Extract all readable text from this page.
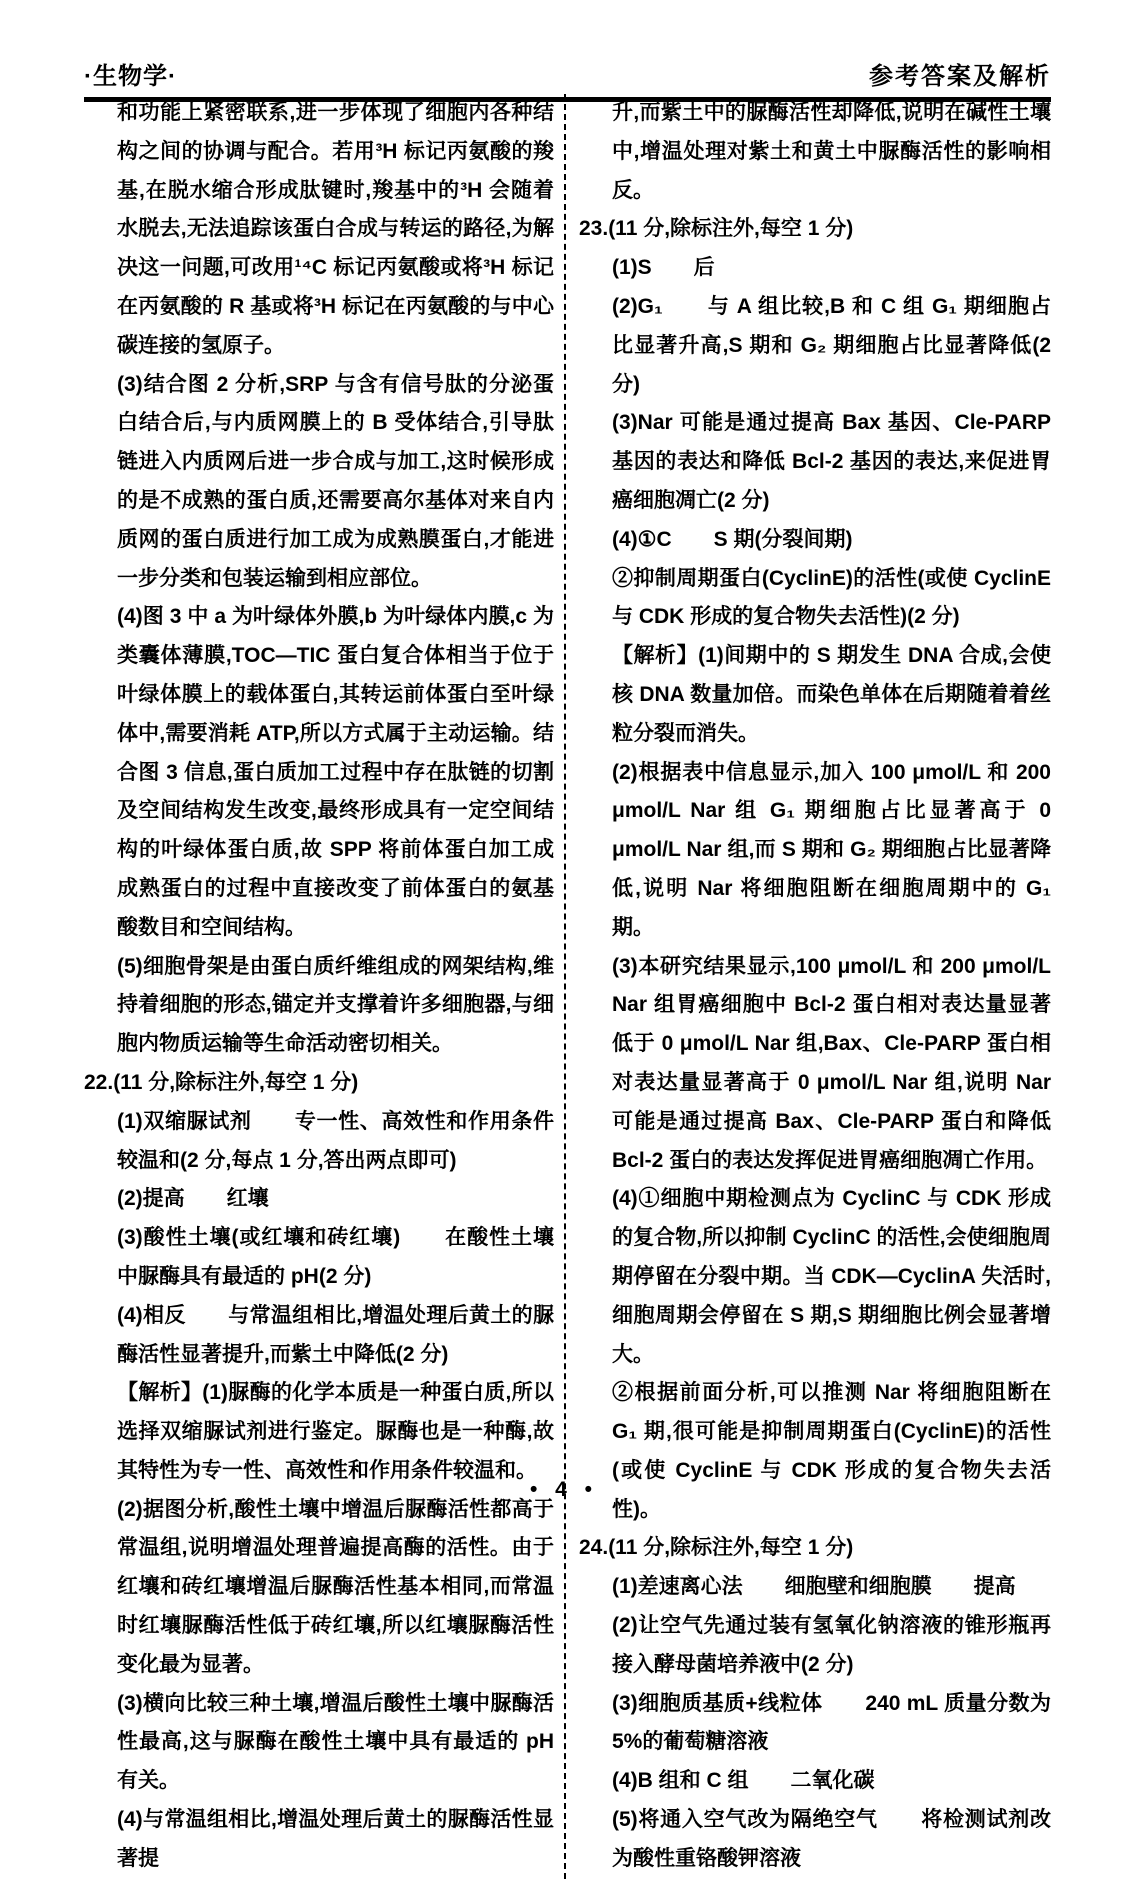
·生物学·	参考答案及解析
和功能上紧密联系,进一步体现了细胞内各种结构之间的协调与配合。若用³H 标记丙氨酸的羧基,在脱水缩合形成肽键时,羧基中的³H 会随着水脱去,无法追踪该蛋白合成与转运的路径,为解决这一问题,可改用¹⁴C 标记丙氨酸或将³H 标记在丙氨酸的 R 基或将³H 标记在丙氨酸的与中心碳连接的氢原子。
(3)结合图 2 分析,SRP 与含有信号肽的分泌蛋白结合后,与内质网膜上的 B 受体结合,引导肽链进入内质网后进一步合成与加工,这时候形成的是不成熟的蛋白质,还需要高尔基体对来自内质网的蛋白质进行加工成为成熟膜蛋白,才能进一步分类和包装运输到相应部位。
(4)图 3 中 a 为叶绿体外膜,b 为叶绿体内膜,c 为类囊体薄膜,TOC—TIC 蛋白复合体相当于位于叶绿体膜上的载体蛋白,其转运前体蛋白至叶绿体中,需要消耗 ATP,所以方式属于主动运输。结合图 3 信息,蛋白质加工过程中存在肽链的切割及空间结构发生改变,最终形成具有一定空间结构的叶绿体蛋白质,故 SPP 将前体蛋白加工成成熟蛋白的过程中直接改变了前体蛋白的氨基酸数目和空间结构。
(5)细胞骨架是由蛋白质纤维组成的网架结构,维持着细胞的形态,锚定并支撑着许多细胞器,与细胞内物质运输等生命活动密切相关。
22.(11 分,除标注外,每空 1 分)
(1)双缩脲试剂　　专一性、高效性和作用条件较温和(2 分,每点 1 分,答出两点即可)
(2)提高　　红壤
(3)酸性土壤(或红壤和砖红壤)　　在酸性土壤中脲酶具有最适的 pH(2 分)
(4)相反　　与常温组相比,增温处理后黄土的脲酶活性显著提升,而紫土中降低(2 分)
【解析】(1)脲酶的化学本质是一种蛋白质,所以选择双缩脲试剂进行鉴定。脲酶也是一种酶,故其特性为专一性、高效性和作用条件较温和。
(2)据图分析,酸性土壤中增温后脲酶活性都高于常温组,说明增温处理普遍提高酶的活性。由于红壤和砖红壤增温后脲酶活性基本相同,而常温时红壤脲酶活性低于砖红壤,所以红壤脲酶活性变化最为显著。
(3)横向比较三种土壤,增温后酸性土壤中脲酶活性最高,这与脲酶在酸性土壤中具有最适的 pH 有关。
(4)与常温组相比,增温处理后黄土的脲酶活性显著提
升,而紫土中的脲酶活性却降低,说明在碱性土壤中,增温处理对紫土和黄土中脲酶活性的影响相反。
23.(11 分,除标注外,每空 1 分)
(1)S　　后
(2)G₁　　与 A 组比较,B 和 C 组 G₁ 期细胞占比显著升高,S 期和 G₂ 期细胞占比显著降低(2 分)
(3)Nar 可能是通过提高 Bax 基因、Cle-PARP 基因的表达和降低 Bcl-2 基因的表达,来促进胃癌细胞凋亡(2 分)
(4)①C　　S 期(分裂间期)
②抑制周期蛋白(CyclinE)的活性(或使 CyclinE 与 CDK 形成的复合物失去活性)(2 分)
【解析】(1)间期中的 S 期发生 DNA 合成,会使核 DNA 数量加倍。而染色单体在后期随着着丝粒分裂而消失。
(2)根据表中信息显示,加入 100 μmol/L 和 200 μmol/L Nar 组 G₁ 期细胞占比显著高于 0 μmol/L Nar 组,而 S 期和 G₂ 期细胞占比显著降低,说明 Nar 将细胞阻断在细胞周期中的 G₁ 期。
(3)本研究结果显示,100 μmol/L 和 200 μmol/L Nar 组胃癌细胞中 Bcl-2 蛋白相对表达量显著低于 0 μmol/L Nar 组,Bax、Cle-PARP 蛋白相对表达量显著高于 0 μmol/L Nar 组,说明 Nar 可能是通过提高 Bax、Cle-PARP 蛋白和降低 Bcl-2 蛋白的表达发挥促进胃癌细胞凋亡作用。
(4)①细胞中期检测点为 CyclinC 与 CDK 形成的复合物,所以抑制 CyclinC 的活性,会使细胞周期停留在分裂中期。当 CDK—CyclinA 失活时,细胞周期会停留在 S 期,S 期细胞比例会显著增大。
②根据前面分析,可以推测 Nar 将细胞阻断在 G₁ 期,很可能是抑制周期蛋白(CyclinE)的活性(或使 CyclinE 与 CDK 形成的复合物失去活性)。
24.(11 分,除标注外,每空 1 分)
(1)差速离心法　　细胞壁和细胞膜　　提高
(2)让空气先通过装有氢氧化钠溶液的锥形瓶再接入酵母菌培养液中(2 分)
(3)细胞质基质+线粒体　　240 mL 质量分数为 5%的葡萄糖溶液
(4)B 组和 C 组　　二氧化碳
(5)将通入空气改为隔绝空气　　将检测试剂改为酸性重铬酸钾溶液
• 4 •
